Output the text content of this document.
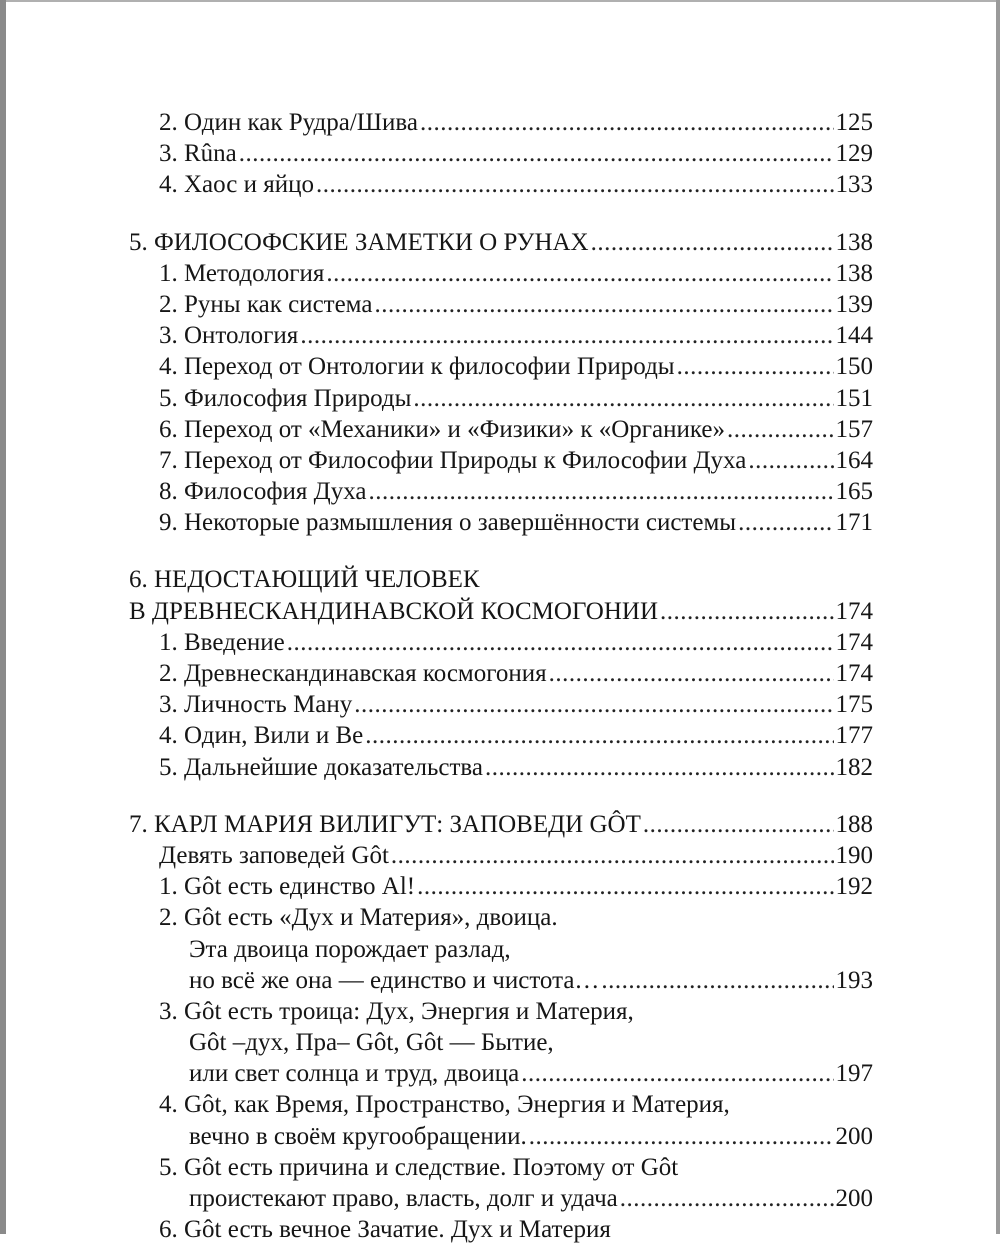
2. Один как Рудра/Шива .....	125
3. Rûna .....	129
4. Хаос и яйцо .....	133
5. ФИЛОСОФСКИЕ ЗАМЕТКИ О РУНАХ .....	138
1. Методология .....	138
2. Руны как система .....	139
3. Онтология .....	144
4. Переход от Онтологии к философии Природы .....	150
5. Философия Природы .....	151
6. Переход от «Механики» и «Физики» к «Органике» .....	157
7. Переход от Философии Природы к Философии Духа .....	164
8. Философия Духа .....	165
9. Некоторые размышления о завершённости системы .....	171
6. НЕДОСТАЮЩИЙ ЧЕЛОВЕК
В ДРЕВНЕСКАНДИНАВСКОЙ КОСМОГОНИИ .....	174
1. Введение .....	174
2. Древнескандинавская космогония .....	174
3. Личность Ману .....	175
4. Один, Вили и Ве .....	177
5. Дальнейшие доказательства .....	182
7. КАРЛ МАРИЯ ВИЛИГУТ: ЗАПОВЕДИ GÔT .....	188
Девять заповедей Gôt .....	190
1. Gôt есть единство Al! .....	192
2. Gôt есть «Дух и Материя», двоица.
Эта двоица порождает разлад,
но всё же она — единство и чистота… .....	193
3. Gôt есть троица: Дух, Энергия и Материя,
Gôt –дух, Пра– Gôt, Gôt — Бытие,
или свет солнца и труд, двоица .....	197
4. Gôt, как Время, Пространство, Энергия и Материя,
вечно в своём кругообращении. .....	200
5. Gôt есть причина и следствие. Поэтому от Gôt
проистекают право, власть, долг и удача .....	200
6. Gôt есть вечное Зачатие. Дух и Материя
